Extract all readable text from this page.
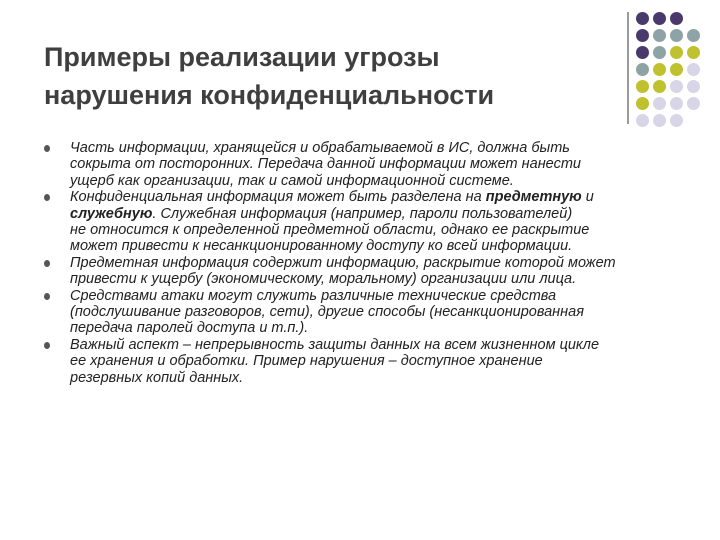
Примеры реализации угрозы
нарушения конфиденциальности
Часть информации, хранящейся и обрабатываемой в ИС, должна быть
сокрыта от посторонних. Передача данной информации может нанести
ущерб как организации, так и самой информационной системе.
Конфиденциальная информация может быть разделена на предметную и
служебную. Служебная информация (например, пароли пользователей)
не относится к определенной предметной области, однако ее раскрытие
может привести к несанкционированному доступу ко всей информации.
Предметная информация содержит информацию, раскрытие которой может
привести к ущербу (экономическому, моральному) организации или лица.
Средствами атаки могут служить различные технические средства
(подслушивание разговоров, сети), другие способы (несанкционированная
передача паролей доступа и т.п.).
Важный аспект – непрерывность защиты данных на всем жизненном цикле
ее хранения и обработки. Пример нарушения – доступное хранение
резервных копий данных.
